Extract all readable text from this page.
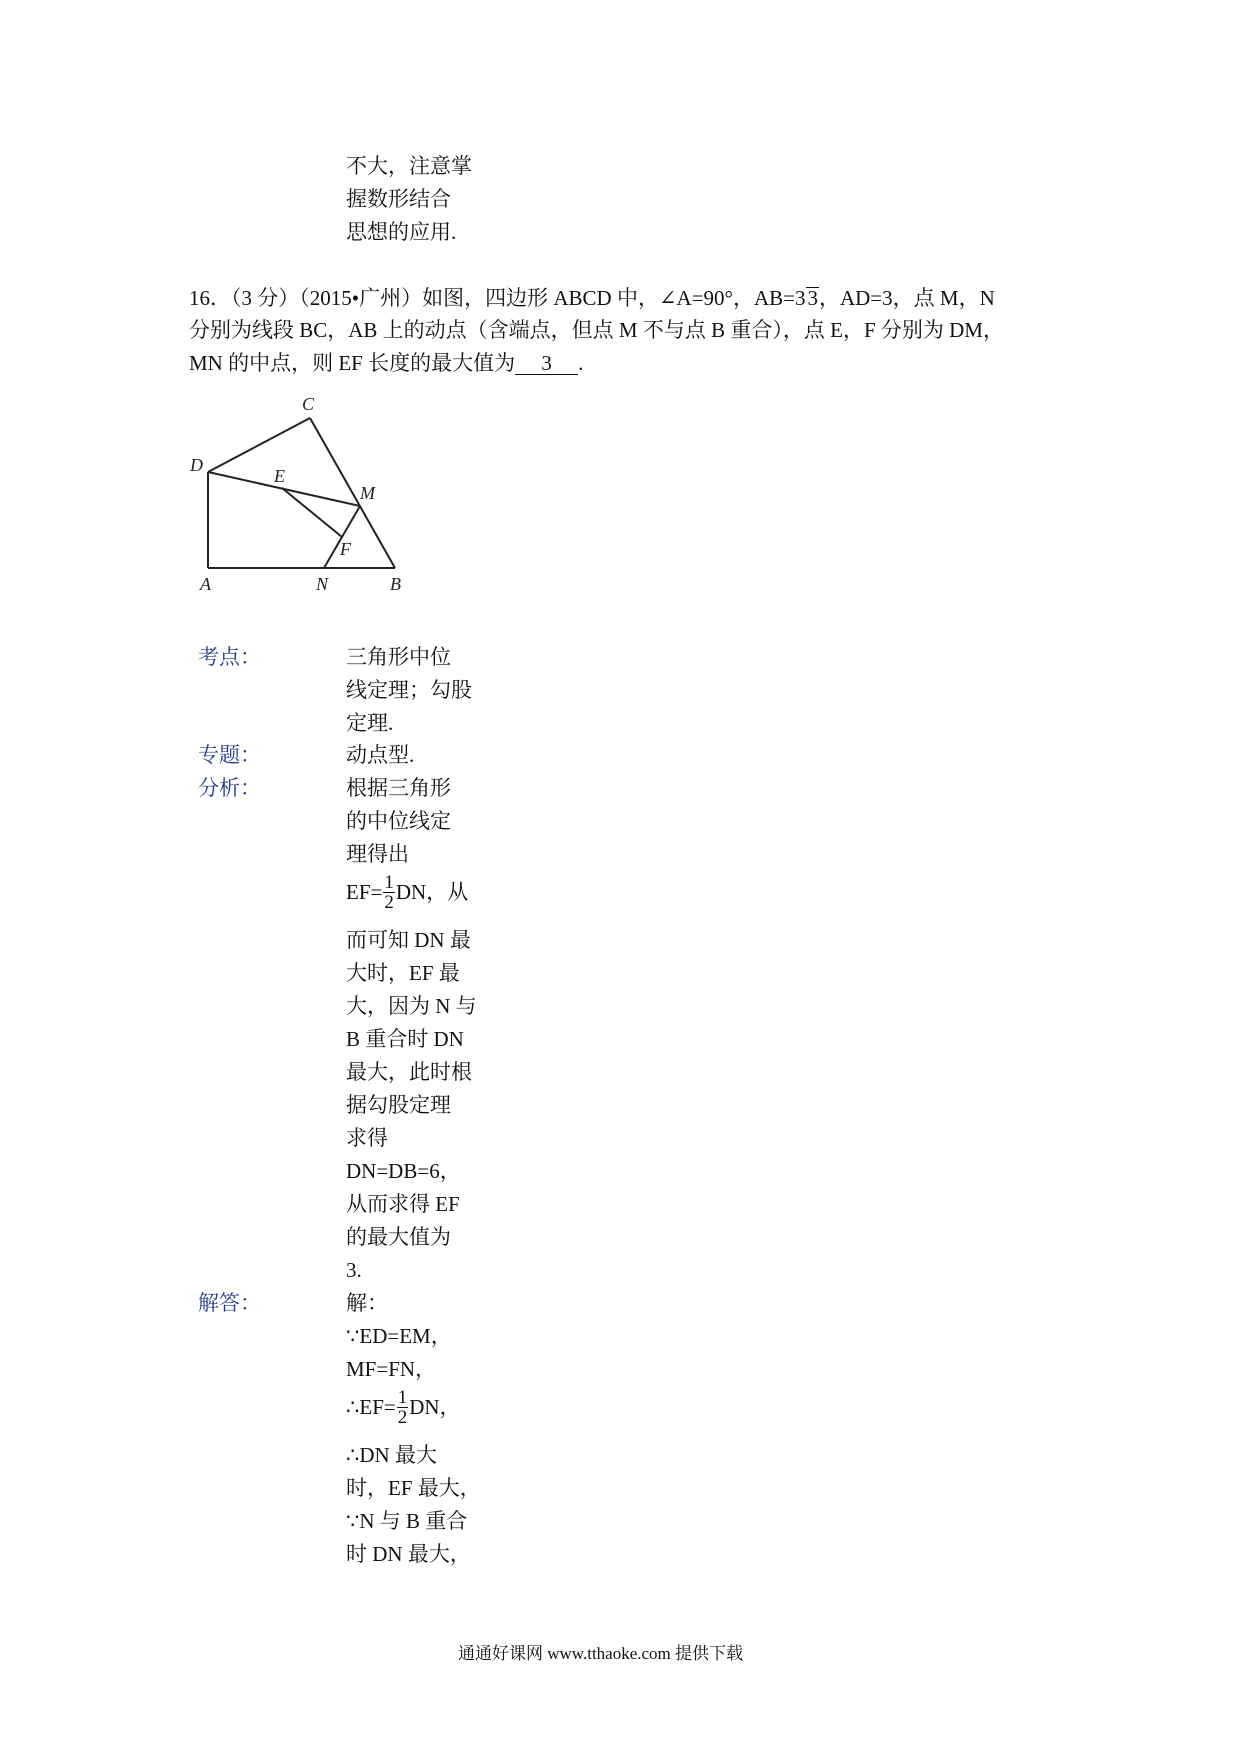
不大，注意掌
握数形结合
思想的应用.
16．（3 分）（2015•广州）如图，四边形 ABCD 中，∠A=90°，AB=33，AD=3，点 M，N
分别为线段 BC，AB 上的动点（含端点，但点 M 不与点 B 重合），点 E，F 分别为 DM，
MN 的中点，则 EF 长度的最大值为 3 .
C
D
E
M
F
A	N	B
考点：	三角形中位
线定理；勾股
定理.
专题：	动点型.
分析：	根据三角形
的中位线定
理得出
$EF= \frac{1}{2}$ DN，从
而可知 DN 最
大时，EF 最
大，因为 N 与
B 重合时 DN
最大，此时根
据勾股定理
求得
DN=DB=6，
从而求得 EF
的最大值为
3.
解答：	解：
∵ED=EM，
MF=FN，
∴EF= $\frac{1}{2}$ DN，
∴DN 最大
时，EF 最大，
∵N 与 B 重合
时 DN 最大，
通通好课网 www.tthaoke.com 提供下载
